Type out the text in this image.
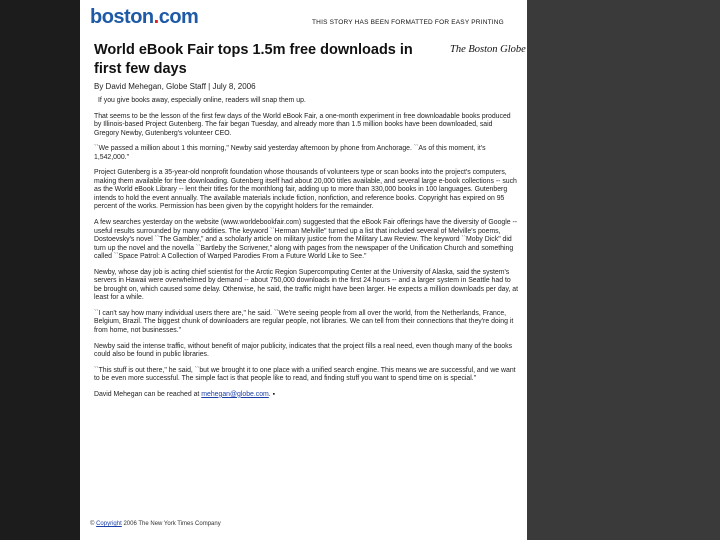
boston.com	THIS STORY HAS BEEN FORMATTED FOR EASY PRINTING
World eBook Fair tops 1.5m free downloads in first few days
The Boston Globe
By David Mehegan, Globe Staff | July 8, 2006

If you give books away, especially online, readers will snap them up.

That seems to be the lesson of the first few days of the World eBook Fair, a one-month experiment in free downloadable books produced by Illinois-based Project Gutenberg. The fair began Tuesday, and already more than 1.5 million books have been downloaded, said Gregory Newby, Gutenberg's volunteer CEO.

``We passed a million about 1 this morning," Newby said yesterday afternoon by phone from Anchorage. ``As of this moment, it's 1,542,000."

Project Gutenberg is a 35-year-old nonprofit foundation whose thousands of volunteers type or scan books into the project's computers, making them available for free downloading. Gutenberg itself had about 20,000 titles available, and several large e-book collections -- such as the World eBook Library -- lent their titles for the monthlong fair, adding up to more than 330,000 books in 100 languages. Gutenberg intends to hold the event annually. The available materials include fiction, nonfiction, and reference books. Copyright has expired on 95 percent of the works. Permission has been given by the copyright holders for the remainder.

A few searches yesterday on the website (www.worldebookfair.com) suggested that the eBook Fair offerings have the diversity of Google -- useful results surrounded by many oddities. The keyword ``Herman Melville" turned up a list that included several of Melville's poems, Dostoevsky's novel ``The Gambler," and a scholarly article on military justice from the Military Law Review. The keyword ``Moby Dick" did turn up the novel and the novella ``Bartleby the Scrivener," along with pages from the newspaper of the Unification Church and something called ``Space Patrol: A Collection of Warped Parodies From a Future World Like to See."

Newby, whose day job is acting chief scientist for the Arctic Region Supercomputing Center at the University of Alaska, said the system's servers in Hawaii were overwhelmed by demand -- about 750,000 downloads in the first 24 hours -- and a larger system in Seattle had to be brought on, which caused some delay. Otherwise, he said, the traffic might have been larger. He expects a million downloads per day, at least for a while.

``I can't say how many individual users there are," he said. ``We're seeing people from all over the world, from the Netherlands, France, Belgium, Brazil. The biggest chunk of downloaders are regular people, not libraries. We can tell from their connections that they're doing it from home, not businesses."

Newby said the intense traffic, without benefit of major publicity, indicates that the project fills a real need, even though many of the books could also be found in public libraries.

``This stuff is out there," he said, ``but we brought it to one place with a unified search engine. This means we are successful, and we want to be even more successful. The simple fact is that people like to read, and finding stuff you want to spend time on is special."

David Mehegan can be reached at mehegan@globe.com. ▪

© Copyright 2006 The New York Times Company
